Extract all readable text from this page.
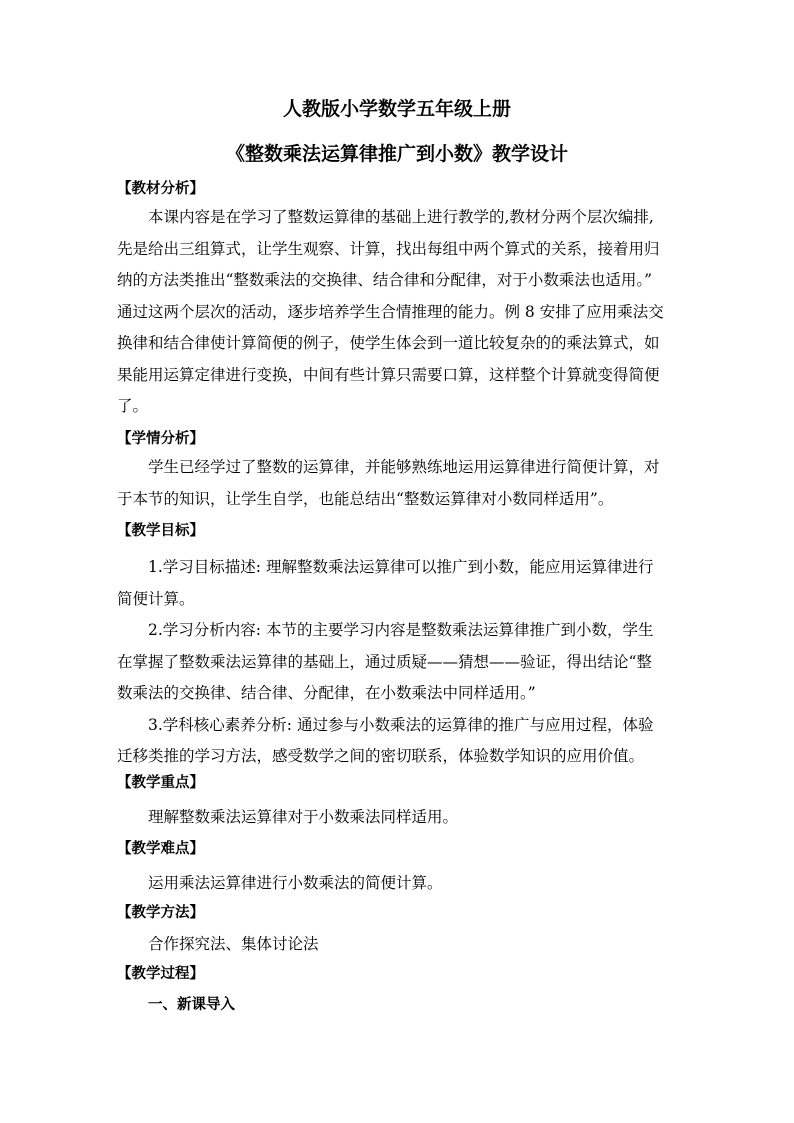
人教版小学数学五年级上册
《整数乘法运算律推广到小数》教学设计
【教材分析】
本课内容是在学习了整数运算律的基础上进行教学的,教材分两个层次编排,
先是给出三组算式，让学生观察、计算，找出每组中两个算式的关系，接着用归
纳的方法类推出“整数乘法的交换律、结合律和分配律，对于小数乘法也适用。”
通过这两个层次的活动，逐步培养学生合情推理的能力。例 8 安排了应用乘法交
换律和结合律使计算简便的例子，使学生体会到一道比较复杂的的乘法算式，如
果能用运算定律进行变换，中间有些计算只需要口算，这样整个计算就变得简便
了。
【学情分析】
学生已经学过了整数的运算律，并能够熟练地运用运算律进行简便计算，对
于本节的知识，让学生自学，也能总结出“整数运算律对小数同样适用”。
【教学目标】
1.学习目标描述: 理解整数乘法运算律可以推广到小数，能应用运算律进行
简便计算。
2.学习分析内容: 本节的主要学习内容是整数乘法运算律推广到小数，学生
在掌握了整数乘法运算律的基础上，通过质疑——猜想——验证，得出结论“整
数乘法的交换律、结合律、分配律，在小数乘法中同样适用。”
3.学科核心素养分析: 通过参与小数乘法的运算律的推广与应用过程，体验
迁移类推的学习方法，感受数学之间的密切联系，体验数学知识的应用价值。
【教学重点】
理解整数乘法运算律对于小数乘法同样适用。
【教学难点】
运用乘法运算律进行小数乘法的简便计算。
【教学方法】
合作探究法、集体讨论法
【教学过程】
一、新课导入
